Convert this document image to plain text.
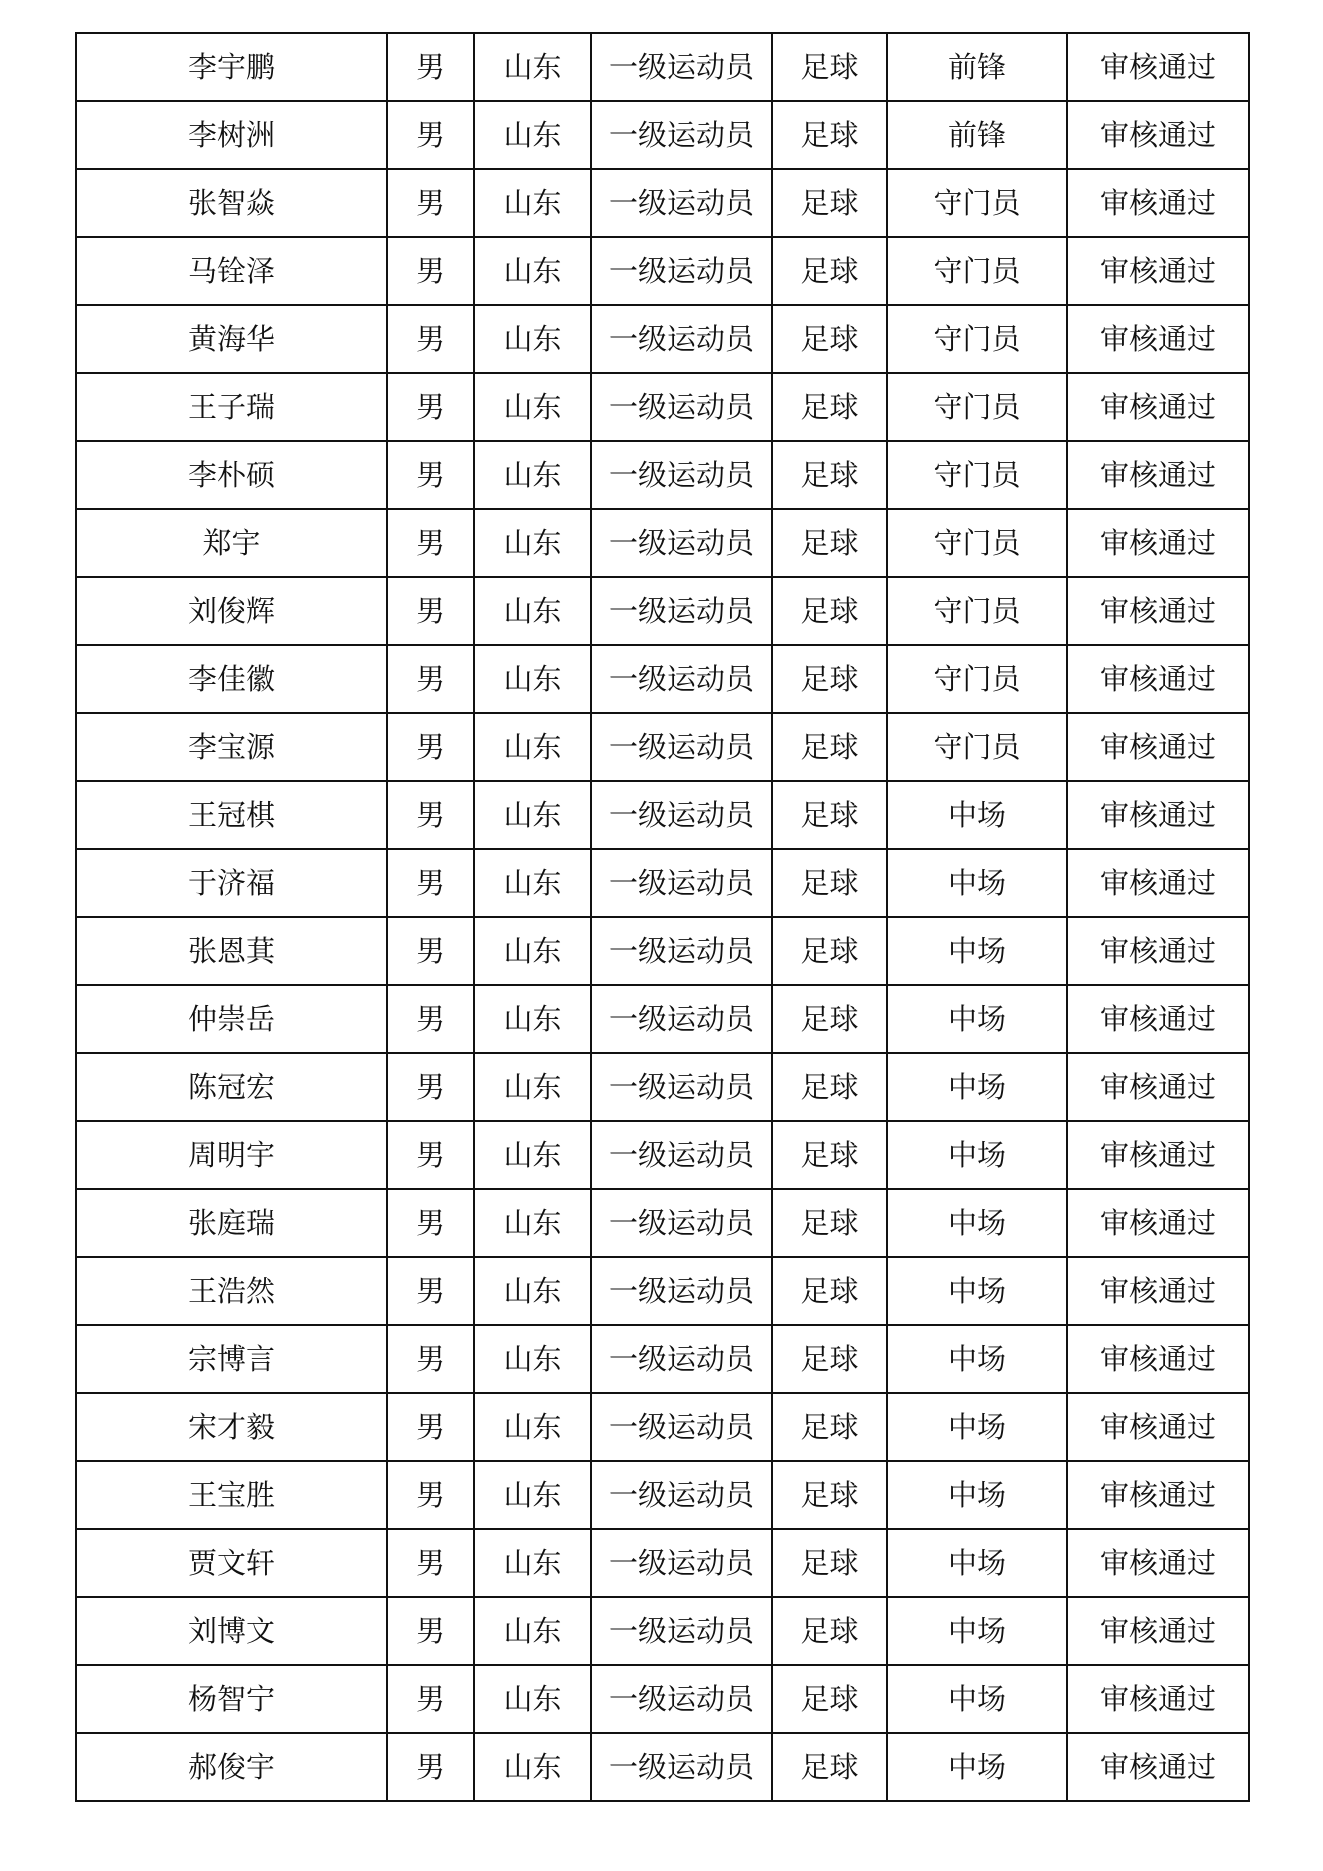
李宇鹏	男	山东	一级运动员	足球	前锋	审核通过
李树洲	男	山东	一级运动员	足球	前锋	审核通过
张智焱	男	山东	一级运动员	足球	守门员	审核通过
马铨泽	男	山东	一级运动员	足球	守门员	审核通过
黄海华	男	山东	一级运动员	足球	守门员	审核通过
王子瑞	男	山东	一级运动员	足球	守门员	审核通过
李朴硕	男	山东	一级运动员	足球	守门员	审核通过
郑宇	男	山东	一级运动员	足球	守门员	审核通过
刘俊辉	男	山东	一级运动员	足球	守门员	审核通过
李佳徽	男	山东	一级运动员	足球	守门员	审核通过
李宝源	男	山东	一级运动员	足球	守门员	审核通过
王冠棋	男	山东	一级运动员	足球	中场	审核通过
于济福	男	山东	一级运动员	足球	中场	审核通过
张恩萁	男	山东	一级运动员	足球	中场	审核通过
仲崇岳	男	山东	一级运动员	足球	中场	审核通过
陈冠宏	男	山东	一级运动员	足球	中场	审核通过
周明宇	男	山东	一级运动员	足球	中场	审核通过
张庭瑞	男	山东	一级运动员	足球	中场	审核通过
王浩然	男	山东	一级运动员	足球	中场	审核通过
宗博言	男	山东	一级运动员	足球	中场	审核通过
宋才毅	男	山东	一级运动员	足球	中场	审核通过
王宝胜	男	山东	一级运动员	足球	中场	审核通过
贾文轩	男	山东	一级运动员	足球	中场	审核通过
刘博文	男	山东	一级运动员	足球	中场	审核通过
杨智宁	男	山东	一级运动员	足球	中场	审核通过
郝俊宇	男	山东	一级运动员	足球	中场	审核通过
